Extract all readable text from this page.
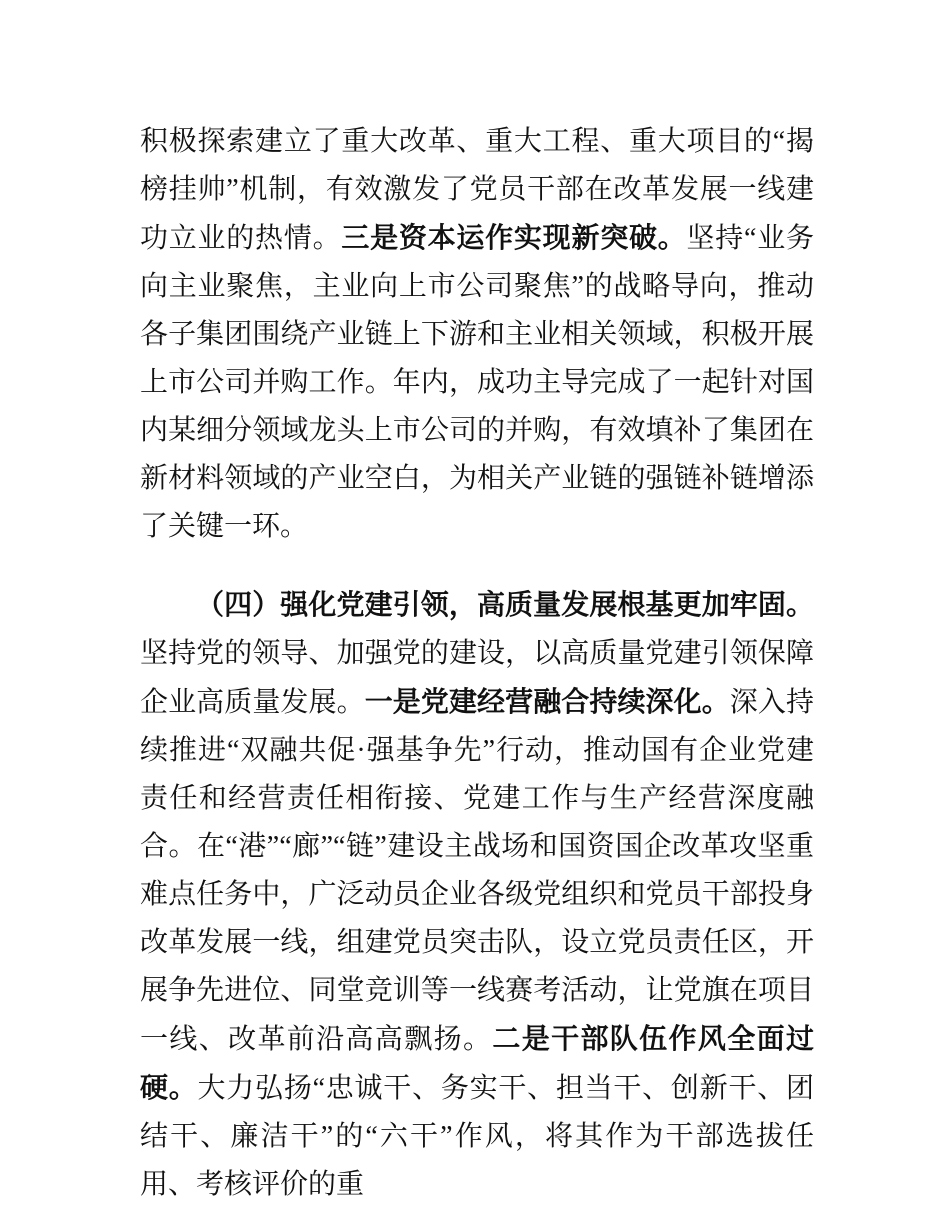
积极探索建立了重大改革、重大工程、重大项目的“揭榜挂帅”机制，有效激发了党员干部在改革发展一线建功立业的热情。三是资本运作实现新突破。坚持“业务向主业聚焦，主业向上市公司聚焦”的战略导向，推动各子集团围绕产业链上下游和主业相关领域，积极开展上市公司并购工作。年内，成功主导完成了一起针对国内某细分领域龙头上市公司的并购，有效填补了集团在新材料领域的产业空白，为相关产业链的强链补链增添了关键一环。

（四）强化党建引领，高质量发展根基更加牢固。坚持党的领导、加强党的建设，以高质量党建引领保障企业高质量发展。一是党建经营融合持续深化。深入持续推进“双融共促·强基争先”行动，推动国有企业党建责任和经营责任相衔接、党建工作与生产经营深度融合。在“港”“廊”“链”建设主战场和国资国企改革攻坚重难点任务中，广泛动员企业各级党组织和党员干部投身改革发展一线，组建党员突击队，设立党员责任区，开展争先进位、同堂竞训等一线赛考活动，让党旗在项目一线、改革前沿高高飘扬。二是干部队伍作风全面过硬。大力弘扬“忠诚干、务实干、担当干、创新干、团结干、廉洁干”的“六干”作风，将其作为干部选拔任用、考核评价的重
